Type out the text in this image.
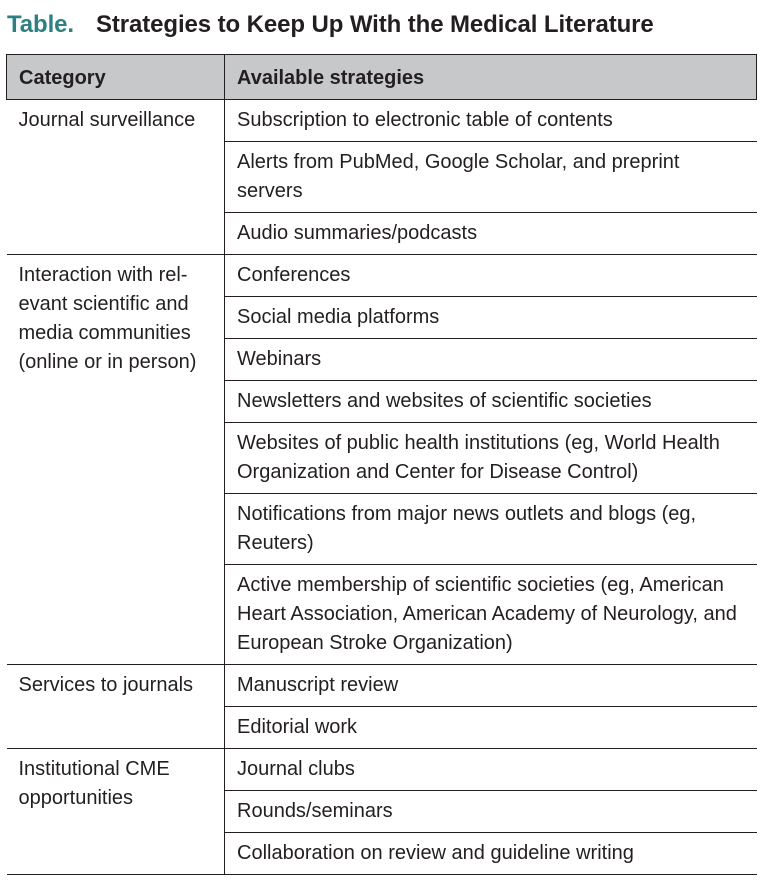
Table. Strategies to Keep Up With the Medical Literature
Category	Available strategies
Journal surveillance	Subscription to electronic table of contents
	Alerts from PubMed, Google Scholar, and preprint servers
	Audio summaries/podcasts
Interaction with rel-evant scientific and media communities (online or in person)	Conferences
	Social media platforms
	Webinars
	Newsletters and websites of scientific societies
	Websites of public health institutions (eg, World Health Organization and Center for Disease Control)
	Notifications from major news outlets and blogs (eg, Reuters)
	Active membership of scientific societies (eg, American Heart Association, American Academy of Neurology, and European Stroke Organization)
Services to journals	Manuscript review
	Editorial work
Institutional CME opportunities	Journal clubs
	Rounds/seminars
	Collaboration on review and guideline writing
